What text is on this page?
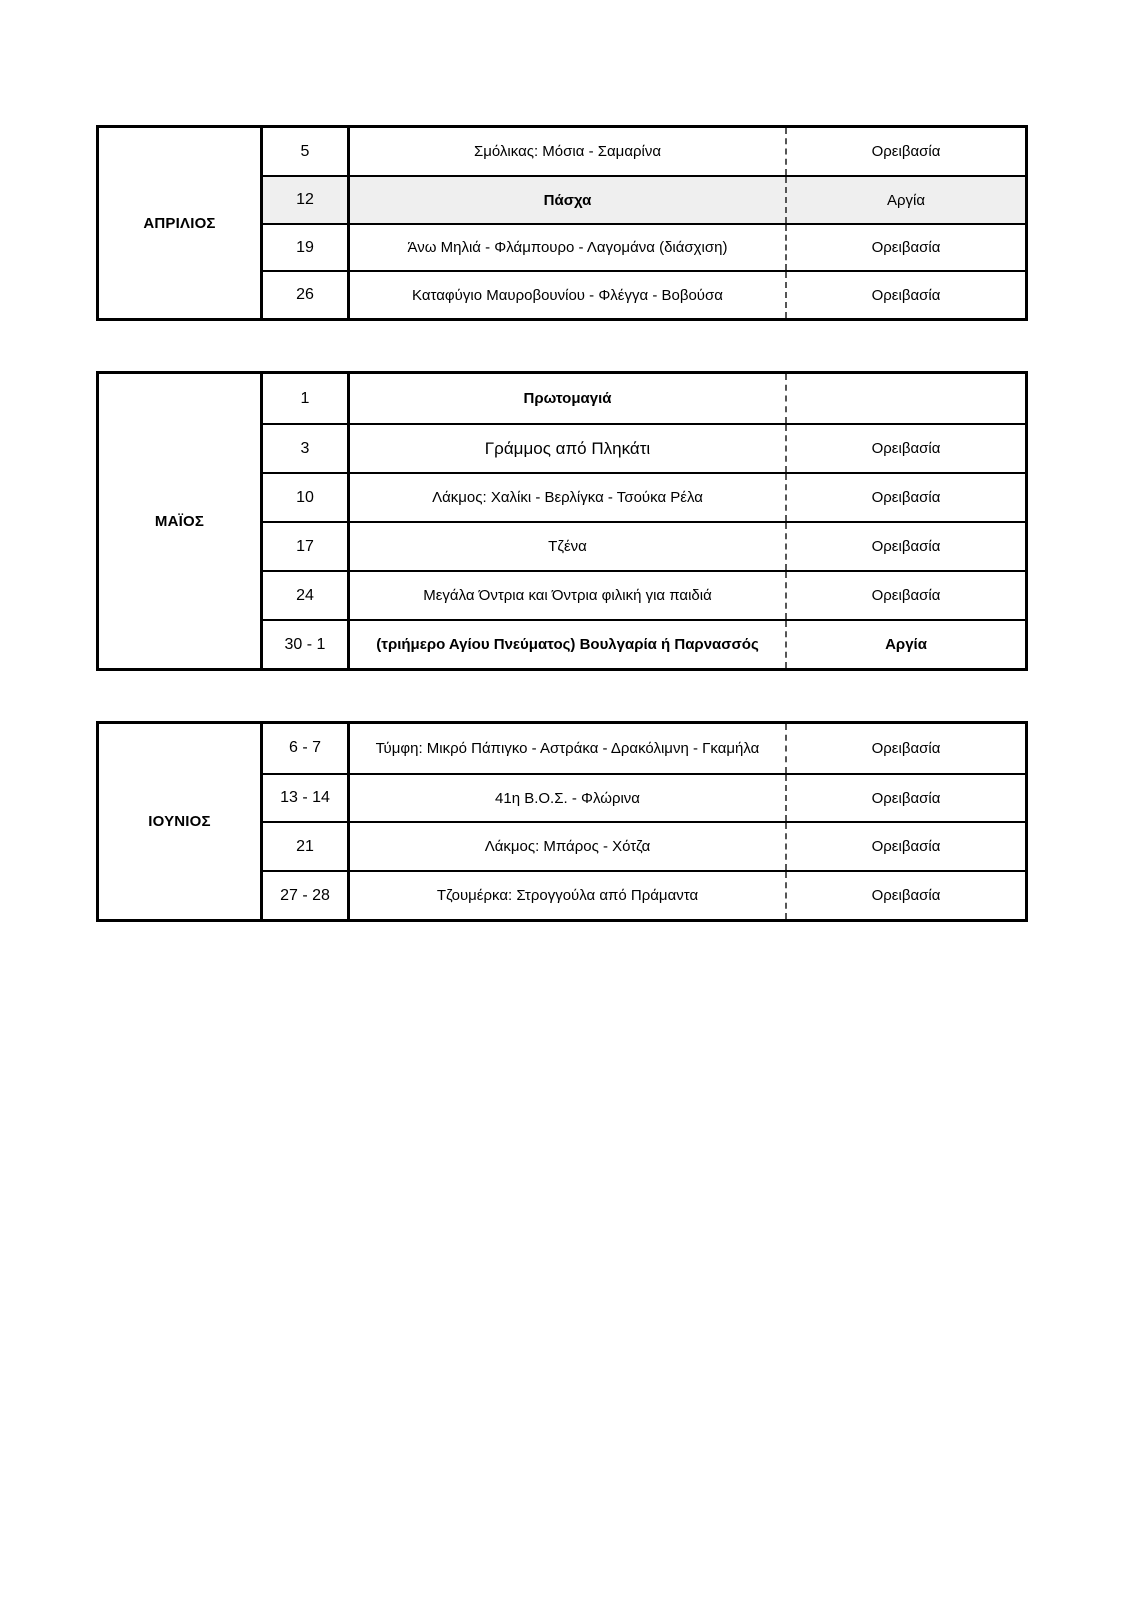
ΑΠΡΙΛΙΟΣ
5	Σμόλικας: Μόσια - Σαμαρίνα	Ορειβασία
12	Πάσχα	Αργία
19	Άνω Μηλιά - Φλάμπουρο - Λαγομάνα (διάσχιση)	Ορειβασία
26	Καταφύγιο Μαυροβουνίου - Φλέγγα - Βοβούσα	Ορειβασία
ΜΑΪΟΣ
1	Πρωτομαγιά
3	Γράμμος από Πληκάτι	Ορειβασία
10	Λάκμος: Χαλίκι - Βερλίγκα - Τσούκα Ρέλα	Ορειβασία
17	Τζένα	Ορειβασία
24	Μεγάλα Όντρια και Όντρια φιλική για παιδιά	Ορειβασία
30 - 1	(τριήμερο Αγίου Πνεύματος) Βουλγαρία ή Παρνασσός	Αργία
ΙΟΥΝΙΟΣ
6 - 7	Τύμφη: Μικρό Πάπιγκο - Αστράκα - Δρακόλιμνη - Γκαμήλα	Ορειβασία
13 - 14	41η Β.Ο.Σ. - Φλώρινα	Ορειβασία
21	Λάκμος: Μπάρος - Χότζα	Ορειβασία
27 - 28	Τζουμέρκα: Στρογγούλα από Πράμαντα	Ορειβασία
